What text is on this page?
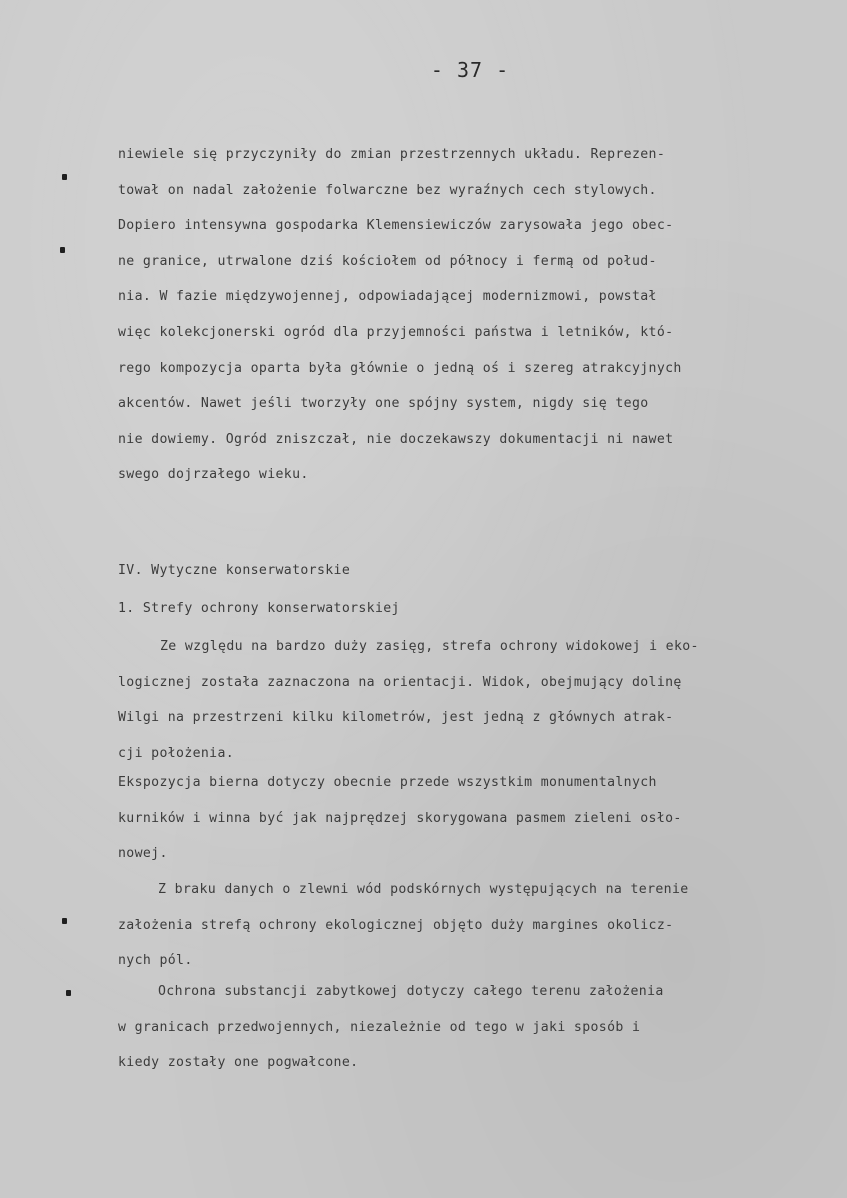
- 37 -
niewiele się przyczyniły do zmian przestrzennych układu. Reprezen-
tował on nadal założenie folwarczne bez wyraźnych cech stylowych.
Dopiero intensywna gospodarka Klemensiewiczów zarysowała jego obec-
ne granice, utrwalone dziś kościołem od północy i fermą od połud-
nia. W fazie międzywojennej, odpowiadającej modernizmowi, powstał
więc kolekcjonerski ogród dla przyjemności państwa i letników, któ-
rego kompozycja oparta była głównie o jedną oś i szereg atrakcyjnych
akcentów. Nawet jeśli tworzyły one spójny system, nigdy się tego
nie dowiemy. Ogród zniszczał, nie doczekawszy dokumentacji ni nawet
swego dojrzałego wieku.
IV. Wytyczne konserwatorskie
1. Strefy ochrony konserwatorskiej
Ze względu na bardzo duży zasięg, strefa ochrony widokowej i eko-
logicznej została zaznaczona na orientacji. Widok, obejmujący dolinę
Wilgi na przestrzeni kilku kilometrów, jest jedną z głównych atrak-
cji położenia.
Ekspozycja bierna dotyczy obecnie przede wszystkim monumentalnych
kurników i winna być jak najprędzej skorygowana pasmem zieleni osło-
nowej.
Z braku danych o zlewni wód podskórnych występujących na terenie
założenia strefą ochrony ekologicznej objęto duży margines okolicz-
nych pól.
Ochrona substancji zabytkowej dotyczy całego terenu założenia
w granicach przedwojennych, niezależnie od tego w jaki sposób i
kiedy zostały one pogwałcone.
